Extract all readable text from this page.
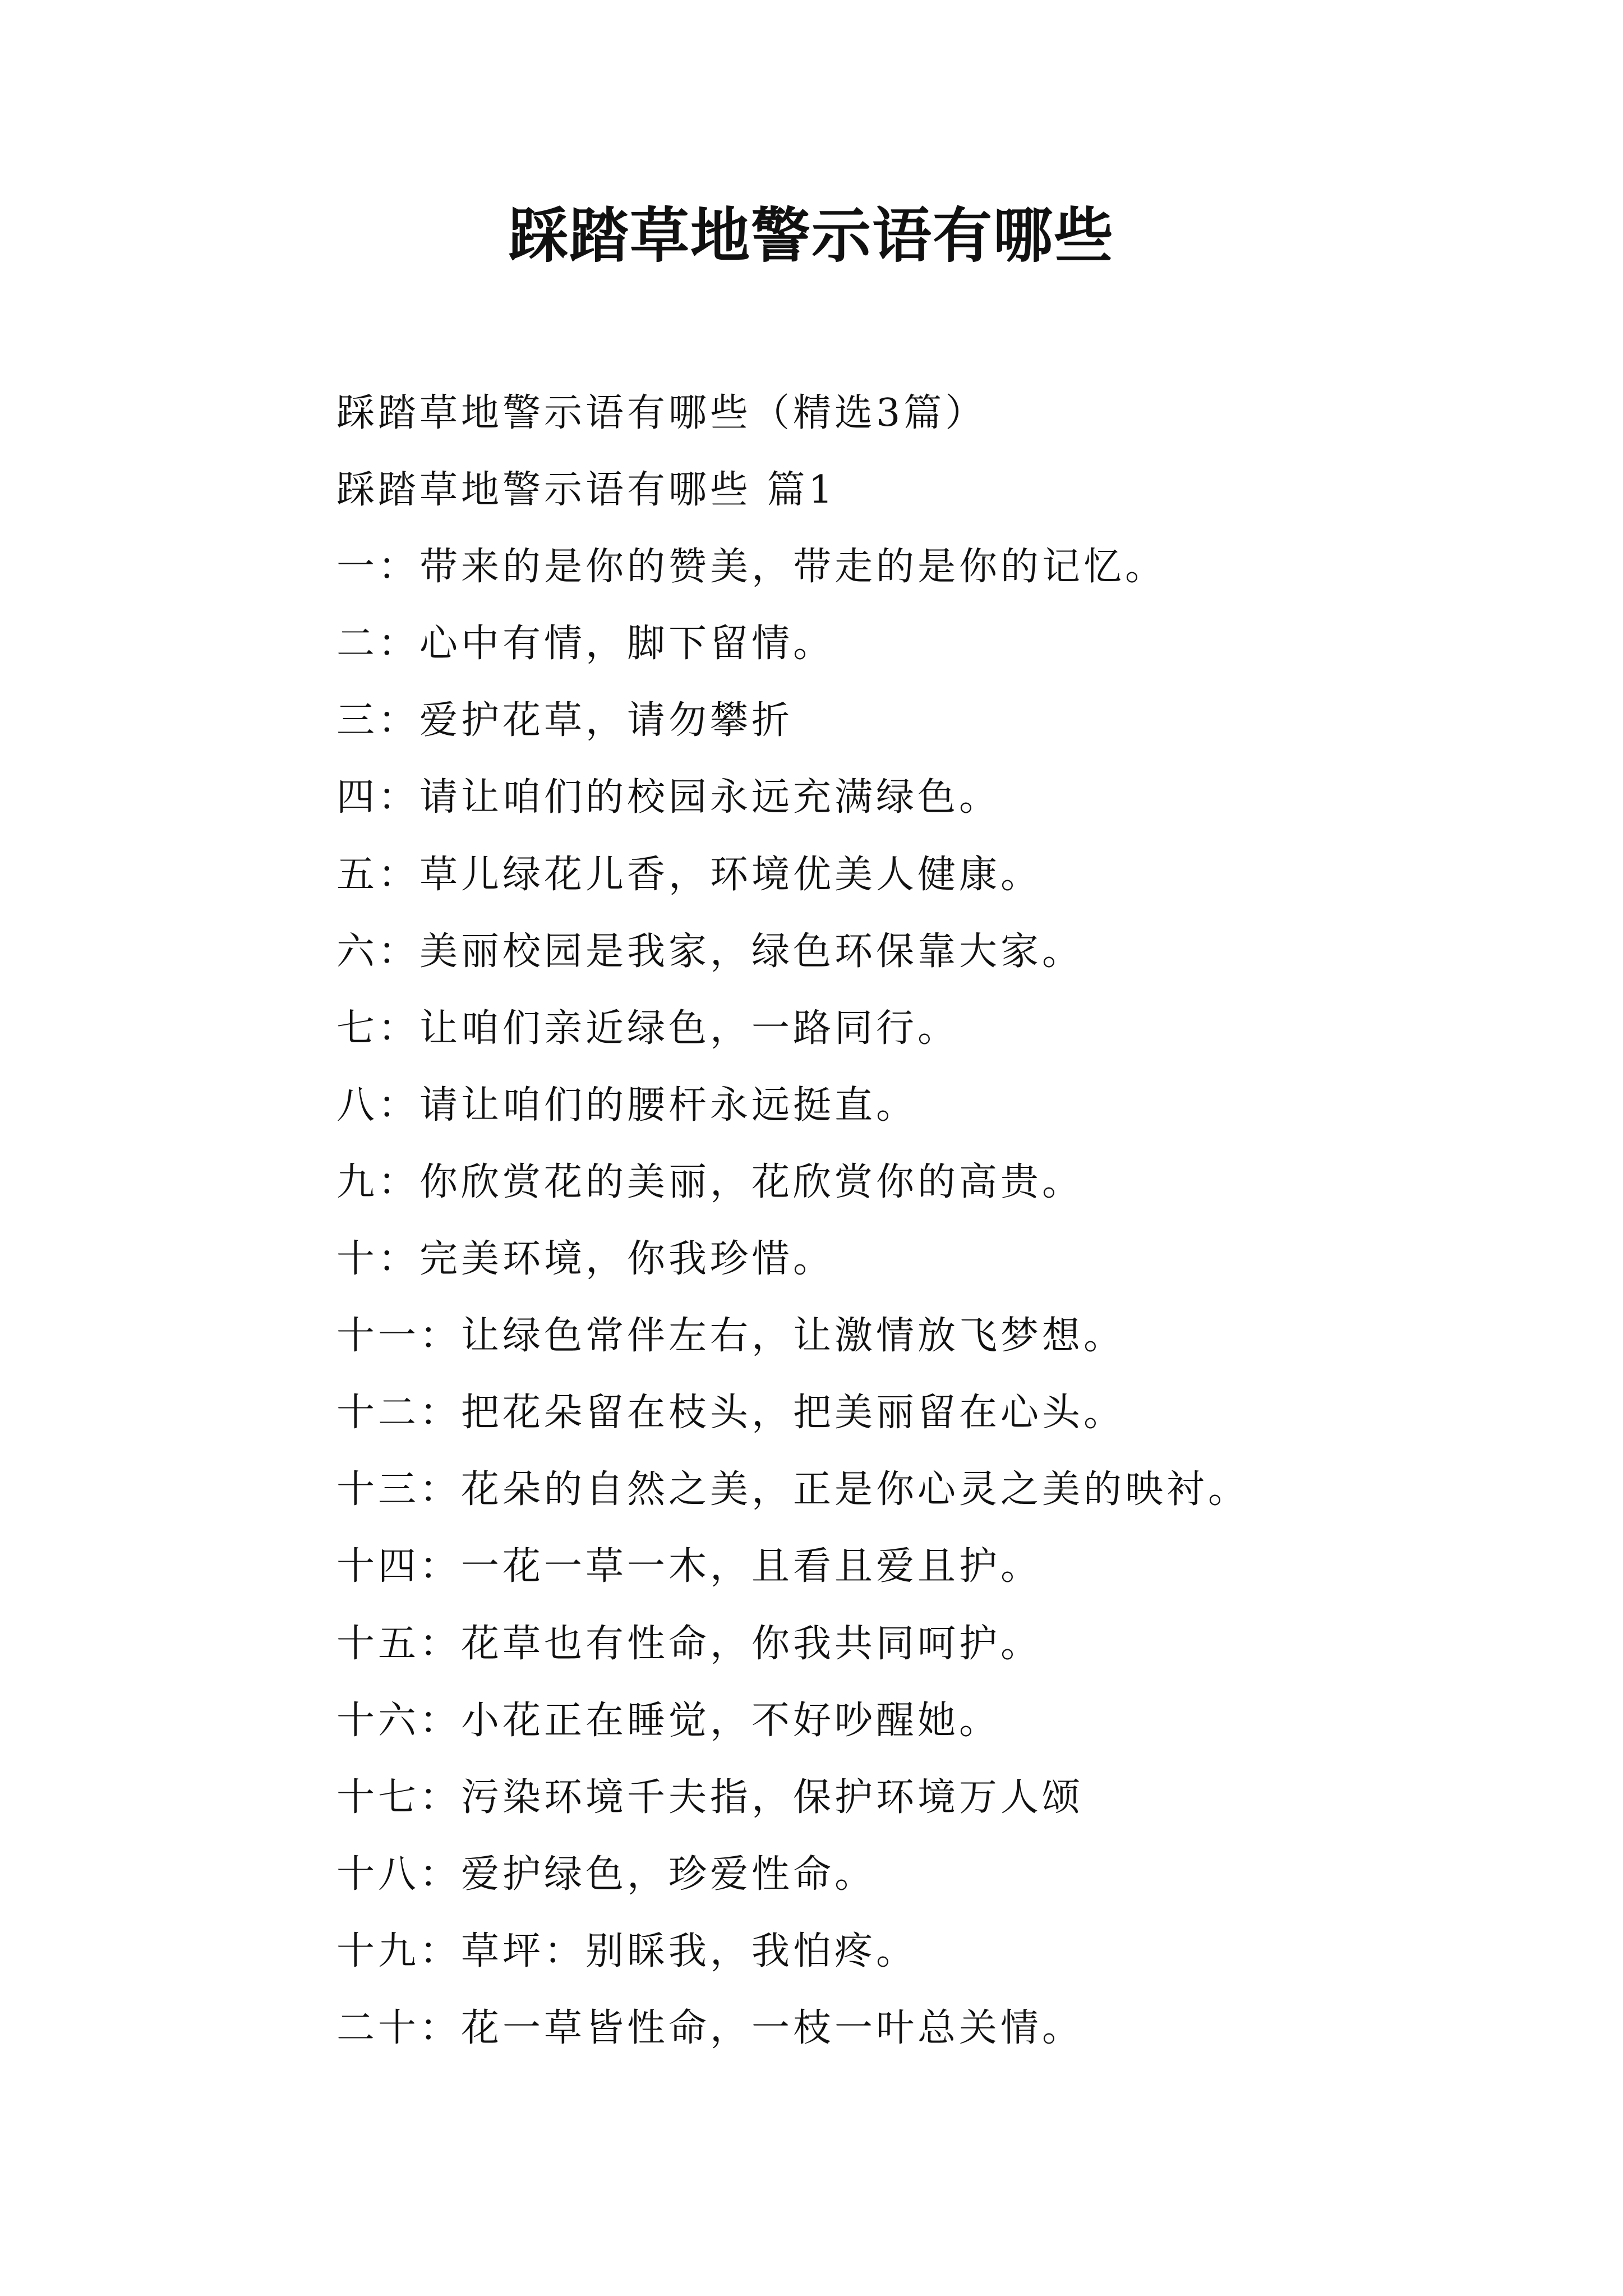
踩踏草地警示语有哪些

踩踏草地警示语有哪些（精选3篇）

踩踏草地警示语有哪些 篇1

一：带来的是你的赞美，带走的是你的记忆。

二：心中有情，脚下留情。

三：爱护花草，请勿攀折

四：请让咱们的校园永远充满绿色。

五：草儿绿花儿香，环境优美人健康。

六：美丽校园是我家，绿色环保靠大家。

七：让咱们亲近绿色，一路同行。

八：请让咱们的腰杆永远挺直。

九：你欣赏花的美丽，花欣赏你的高贵。

十：完美环境，你我珍惜。

十一：让绿色常伴左右，让激情放飞梦想。

十二：把花朵留在枝头，把美丽留在心头。

十三：花朵的自然之美，正是你心灵之美的映衬。

十四：一花一草一木，且看且爱且护。

十五：花草也有性命，你我共同呵护。

十六：小花正在睡觉，不好吵醒她。

十七：污染环境千夫指，保护环境万人颂

十八：爱护绿色，珍爱性命。

十九：草坪：别睬我，我怕疼。

二十：花一草皆性命，一枝一叶总关情。
